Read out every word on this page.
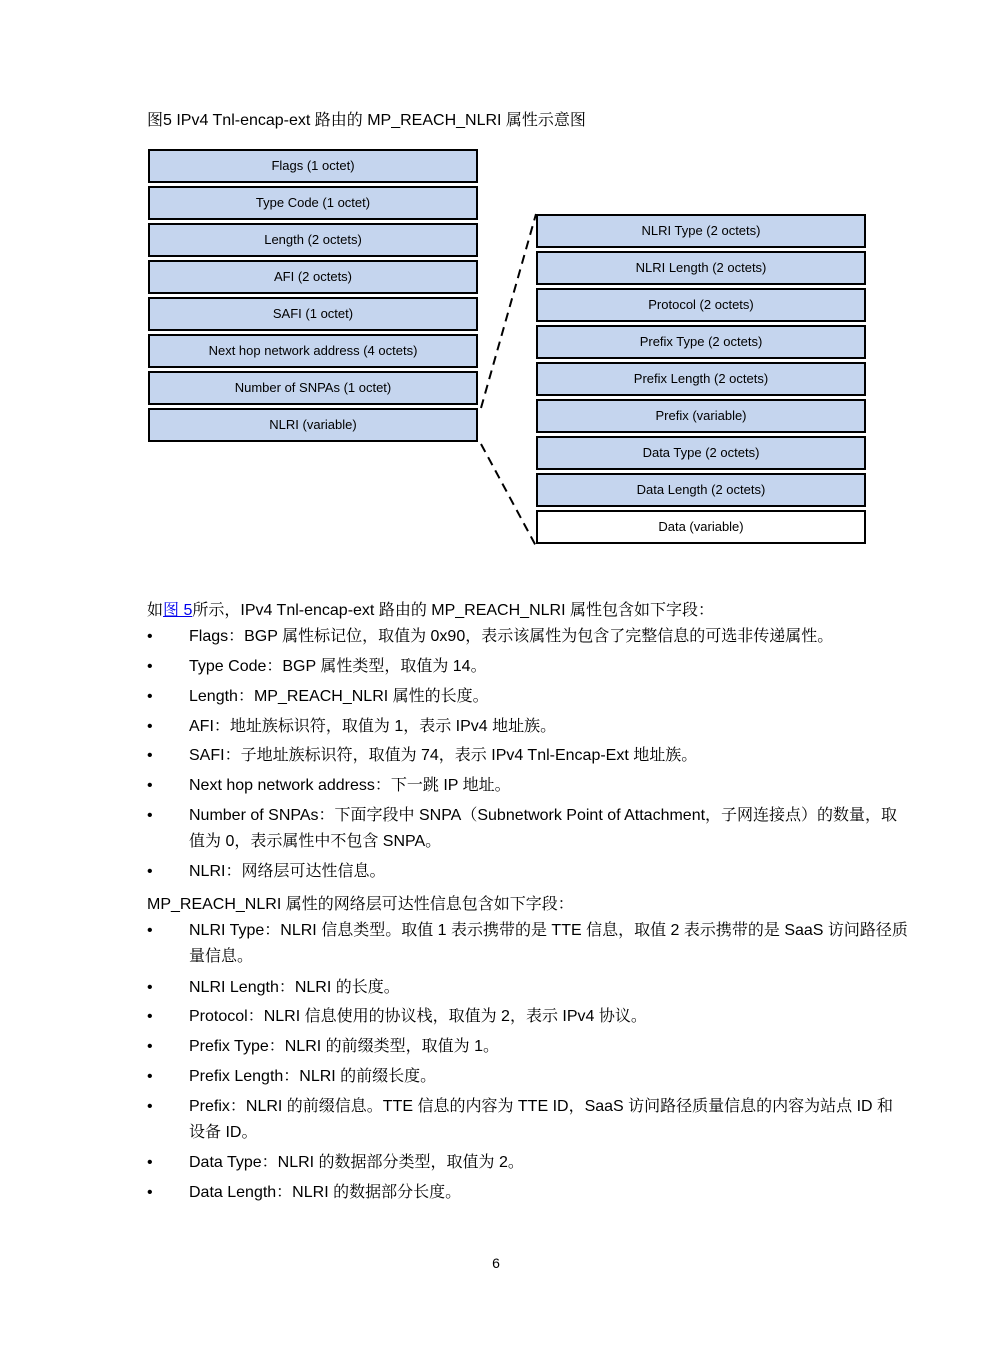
图5 IPv4 Tnl-encap-ext 路由的 MP_REACH_NLRI 属性示意图
Flags (1 octet)
Type Code (1 octet)
Length (2 octets)
AFI (2 octets)
SAFI (1 octet)
Next hop network address (4 octets)
Number of SNPAs (1 octet)
NLRI (variable)
NLRI Type (2 octets)
NLRI Length (2 octets)
Protocol (2 octets)
Prefix Type (2 octets)
Prefix Length (2 octets)
Prefix (variable)
Data Type (2 octets)
Data Length (2 octets)
Data (variable)
如图 5所示，IPv4 Tnl-encap-ext 路由的 MP_REACH_NLRI 属性包含如下字段：
•	Flags：BGP 属性标记位，取值为 0x90，表示该属性为包含了完整信息的可选非传递属性。
•	Type Code：BGP 属性类型，取值为 14。
•	Length：MP_REACH_NLRI 属性的长度。
•	AFI：地址族标识符，取值为 1，表示 IPv4 地址族。
•	SAFI：子地址族标识符，取值为 74，表示 IPv4 Tnl-Encap-Ext 地址族。
•	Next hop network address：下一跳 IP 地址。
•	Number of SNPAs：下面字段中 SNPA（Subnetwork Point of Attachment，子网连接点）的数量，取值为 0，表示属性中不包含 SNPA。
•	NLRI：网络层可达性信息。
MP_REACH_NLRI 属性的网络层可达性信息包含如下字段：
•	NLRI Type：NLRI 信息类型。取值 1 表示携带的是 TTE 信息，取值 2 表示携带的是 SaaS 访问路径质量信息。
•	NLRI Length：NLRI 的长度。
•	Protocol：NLRI 信息使用的协议栈，取值为 2，表示 IPv4 协议。
•	Prefix Type：NLRI 的前缀类型，取值为 1。
•	Prefix Length：NLRI 的前缀长度。
•	Prefix：NLRI 的前缀信息。TTE 信息的内容为 TTE ID，SaaS 访问路径质量信息的内容为站点 ID 和设备 ID。
•	Data Type：NLRI 的数据部分类型，取值为 2。
•	Data Length：NLRI 的数据部分长度。
6
